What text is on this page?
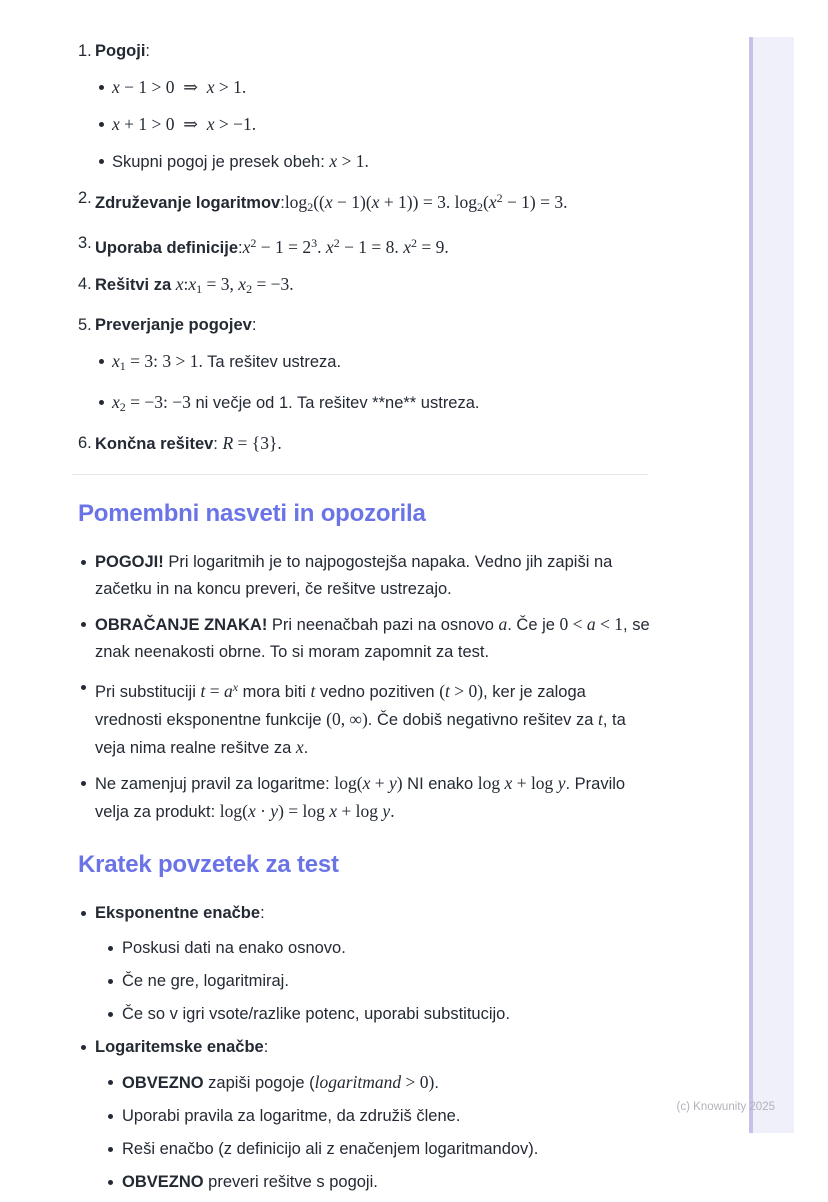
1. Pogoji:
x − 1 > 0  ⇒  x > 1.
x + 1 > 0  ⇒  x > −1.
Skupni pogoj je presek obeh: x > 1.
2. Združevanje logaritmov:log2((x − 1)(x + 1)) = 3. $\log 2(x^2 - 1) = 3$.
3. Uporaba $definicije:x^2 - 1 = 2^3$. $x^2 - 1 = 8$. $x^2 = 9$.
4. Rešitvi za x:x1 = 3, x2 = −3.
5. Preverjanje pogojev:
x1 = 3: 3 > 1. Ta rešitev ustreza.
x2 = −3: −3 ni večje od 1. Ta rešitev **ne** ustreza.
6. Končna rešitev: R = {3}.
Pomembni nasveti in opozorila
POGOJI! Pri logaritmih je to najpogostejša napaka. Vedno jih zapiši na začetku in na koncu preveri, če rešitve ustrezajo.
OBRAČANJE ZNAKA! Pri neenačbah pazi na osnovo a. Če je 0 < a < 1, se znak neenakosti obrne. To si moram zapomnit za test.
Pri substituciji $t = a^x$ mora biti t vedno pozitiven (t > 0), ker je zaloga vrednosti eksponentne funkcije (0, ∞). Če dobiš negativno rešitev za t, ta veja nima realne rešitve za x.
Ne zamenjuj pravil za logaritme: log(x + y) NI enako log x + log y. Pravilo velja za produkt: log(x · y) = log x + log y.
Kratek povzetek za test
Eksponentne enačbe:
Poskusi dati na enako osnovo.
Če ne gre, logaritmiraj.
Če so v igri vsote/razlike potenc, uporabi substitucijo.
Logaritemske enačbe:
OBVEZNO zapiši pogoje (logaritmand > 0).
Uporabi pravila za logaritme, da združiš člene.
Reši enačbo (z definicijo ali z enačenjem logaritmandov).
OBVEZNO preveri rešitve s pogoji.
(c) Knowunity 2025
